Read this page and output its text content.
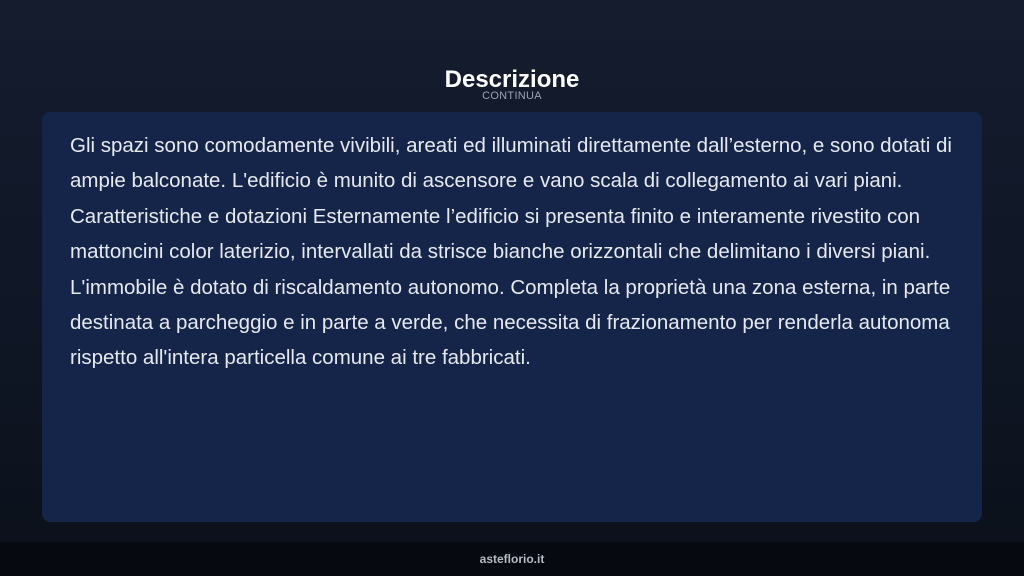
Descrizione
CONTINUA

Gli spazi sono comodamente vivibili, areati ed illuminati direttamente dall’esterno, e sono dotati di ampie balconate. L'edificio è munito di ascensore e vano scala di collegamento ai vari piani. Caratteristiche e dotazioni Esternamente l’edificio si presenta finito e interamente rivestito con mattoncini color laterizio, intervallati da strisce bianche orizzontali che delimitano i diversi piani. L'immobile è dotato di riscaldamento autonomo. Completa la proprietà una zona esterna, in parte destinata a parcheggio e in parte a verde, che necessita di frazionamento per renderla autonoma rispetto all'intera particella comune ai tre fabbricati.

asteflorio.it
